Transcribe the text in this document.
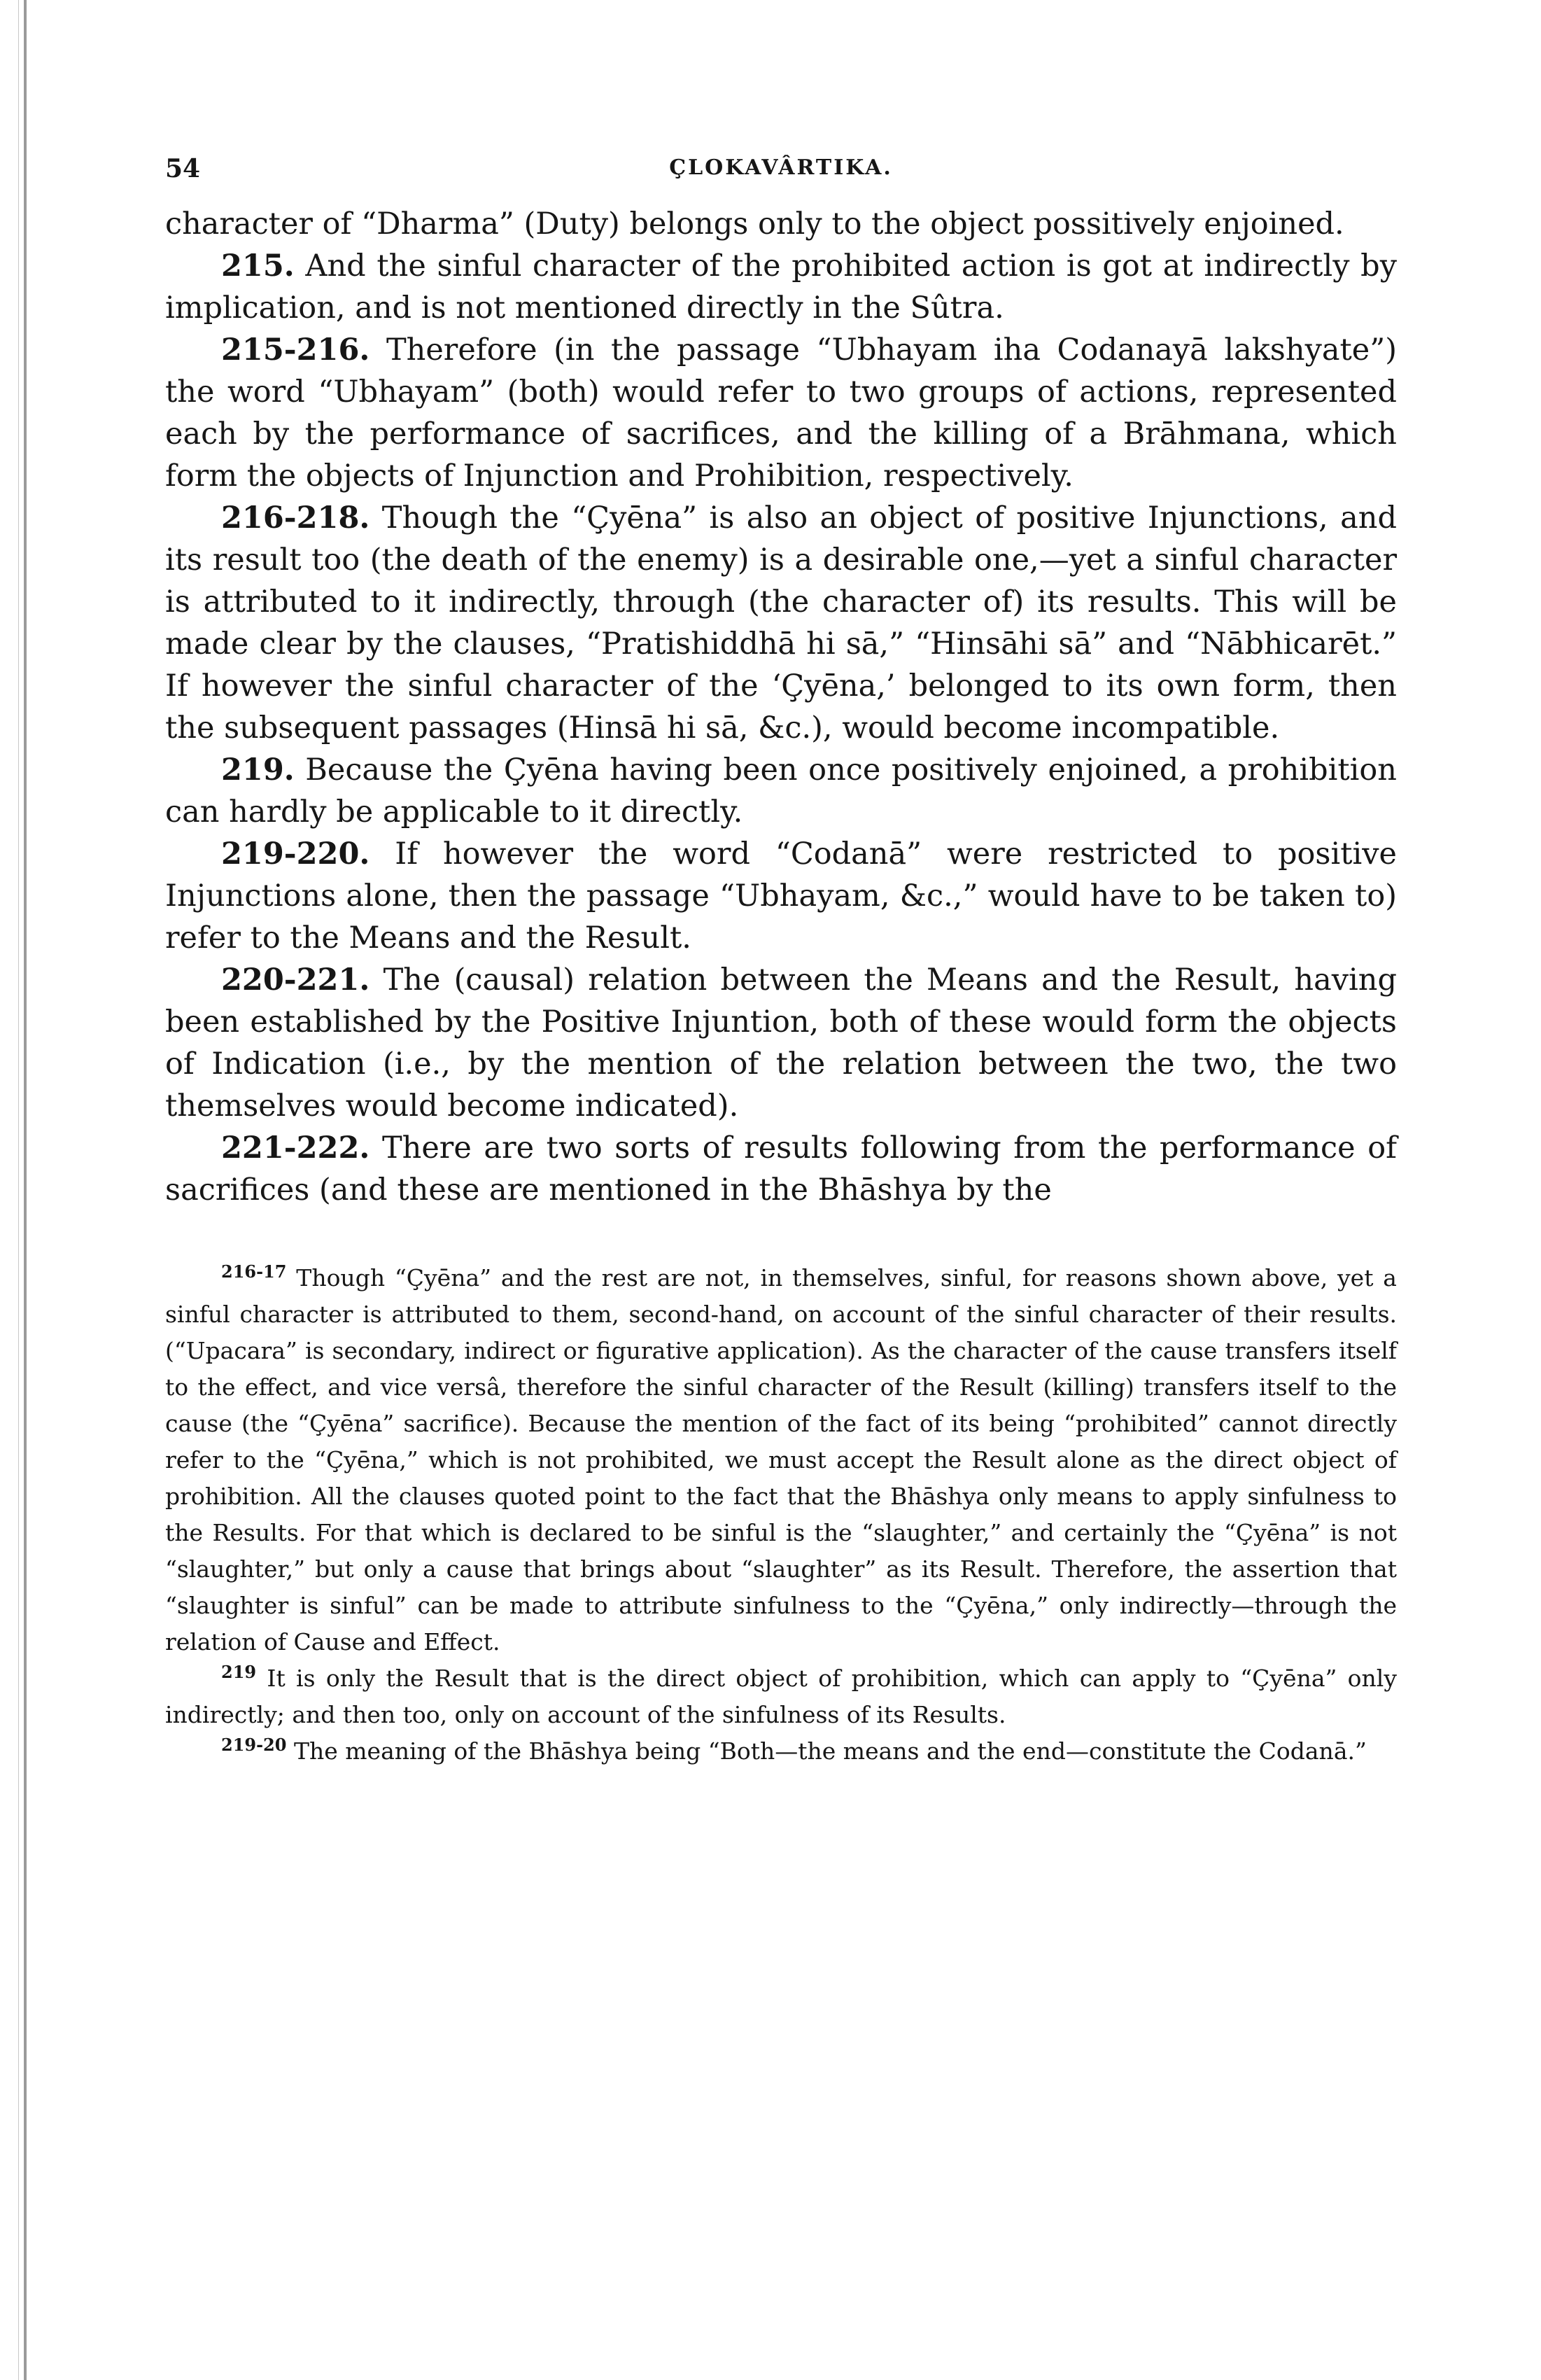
54	ÇLOKAVÂRTIKA.

character of “Dharma” (Duty) belongs only to the object possitively enjoined.

215. And the sinful character of the prohibited action is got at indirectly by implication, and is not mentioned directly in the Sûtra.

215-216. Therefore (in the passage “Ubhayam iha Codanayā lakshyate”) the word “Ubhayam” (both) would refer to two groups of actions, represented each by the performance of sacrifices, and the killing of a Brāhmana, which form the objects of Injunction and Prohibition, respectively.

216-218. Though the “Çyēna” is also an object of positive Injunctions, and its result too (the death of the enemy) is a desirable one,—yet a sinful character is attributed to it indirectly, through (the character of) its results. This will be made clear by the clauses, “Pratishiddhā hi sā,” “Hinsāhi sā” and “Nābhicarēt.” If however the sinful character of the ‘Çyēna,’ belonged to its own form, then the subsequent passages (Hinsā hi sā, &c.), would become incompatible.

219. Because the Çyēna having been once positively enjoined, a prohibition can hardly be applicable to it directly.

219-220. If however the word “Codanā” were restricted to positive Injunctions alone, then the passage “Ubhayam, &c.,” would have to be taken to) refer to the Means and the Result.

220-221. The (causal) relation between the Means and the Result, having been established by the Positive Injuntion, both of these would form the objects of Indication (i.e., by the mention of the relation between the two, the two themselves would become indicated).

221-222. There are two sorts of results following from the performance of sacrifices (and these are mentioned in the Bhāshya by the

$^{216-17}$ Though “Çyēna” and the rest are not, in themselves, sinful, for reasons shown above, yet a sinful character is attributed to them, second-hand, on account of the sinful character of their results. (“Upacara” is secondary, indirect or figurative application). As the character of the cause transfers itself to the effect, and vice versâ, therefore the sinful character of the Result (killing) transfers itself to the cause (the “Çyēna” sacrifice). Because the mention of the fact of its being “prohibited” cannot directly refer to the “Çyēna,” which is not prohibited, we must accept the Result alone as the direct object of prohibition. All the clauses quoted point to the fact that the Bhāshya only means to apply sinfulness to the Results. For that which is declared to be sinful is the “slaughter,” and certainly the “Çyēna” is not “slaughter,” but only a cause that brings about “slaughter” as its Result. Therefore, the assertion that “slaughter is sinful” can be made to attribute sinfulness to the “Çyēna,” only indirectly—through the relation of Cause and Effect.

$^{219}$ It is only the Result that is the direct object of prohibition, which can apply to “Çyēna” only indirectly; and then too, only on account of the sinfulness of its Results.

$^{219-20}$ The meaning of the Bhāshya being “Both—the means and the end—constitute the Codanā.”
